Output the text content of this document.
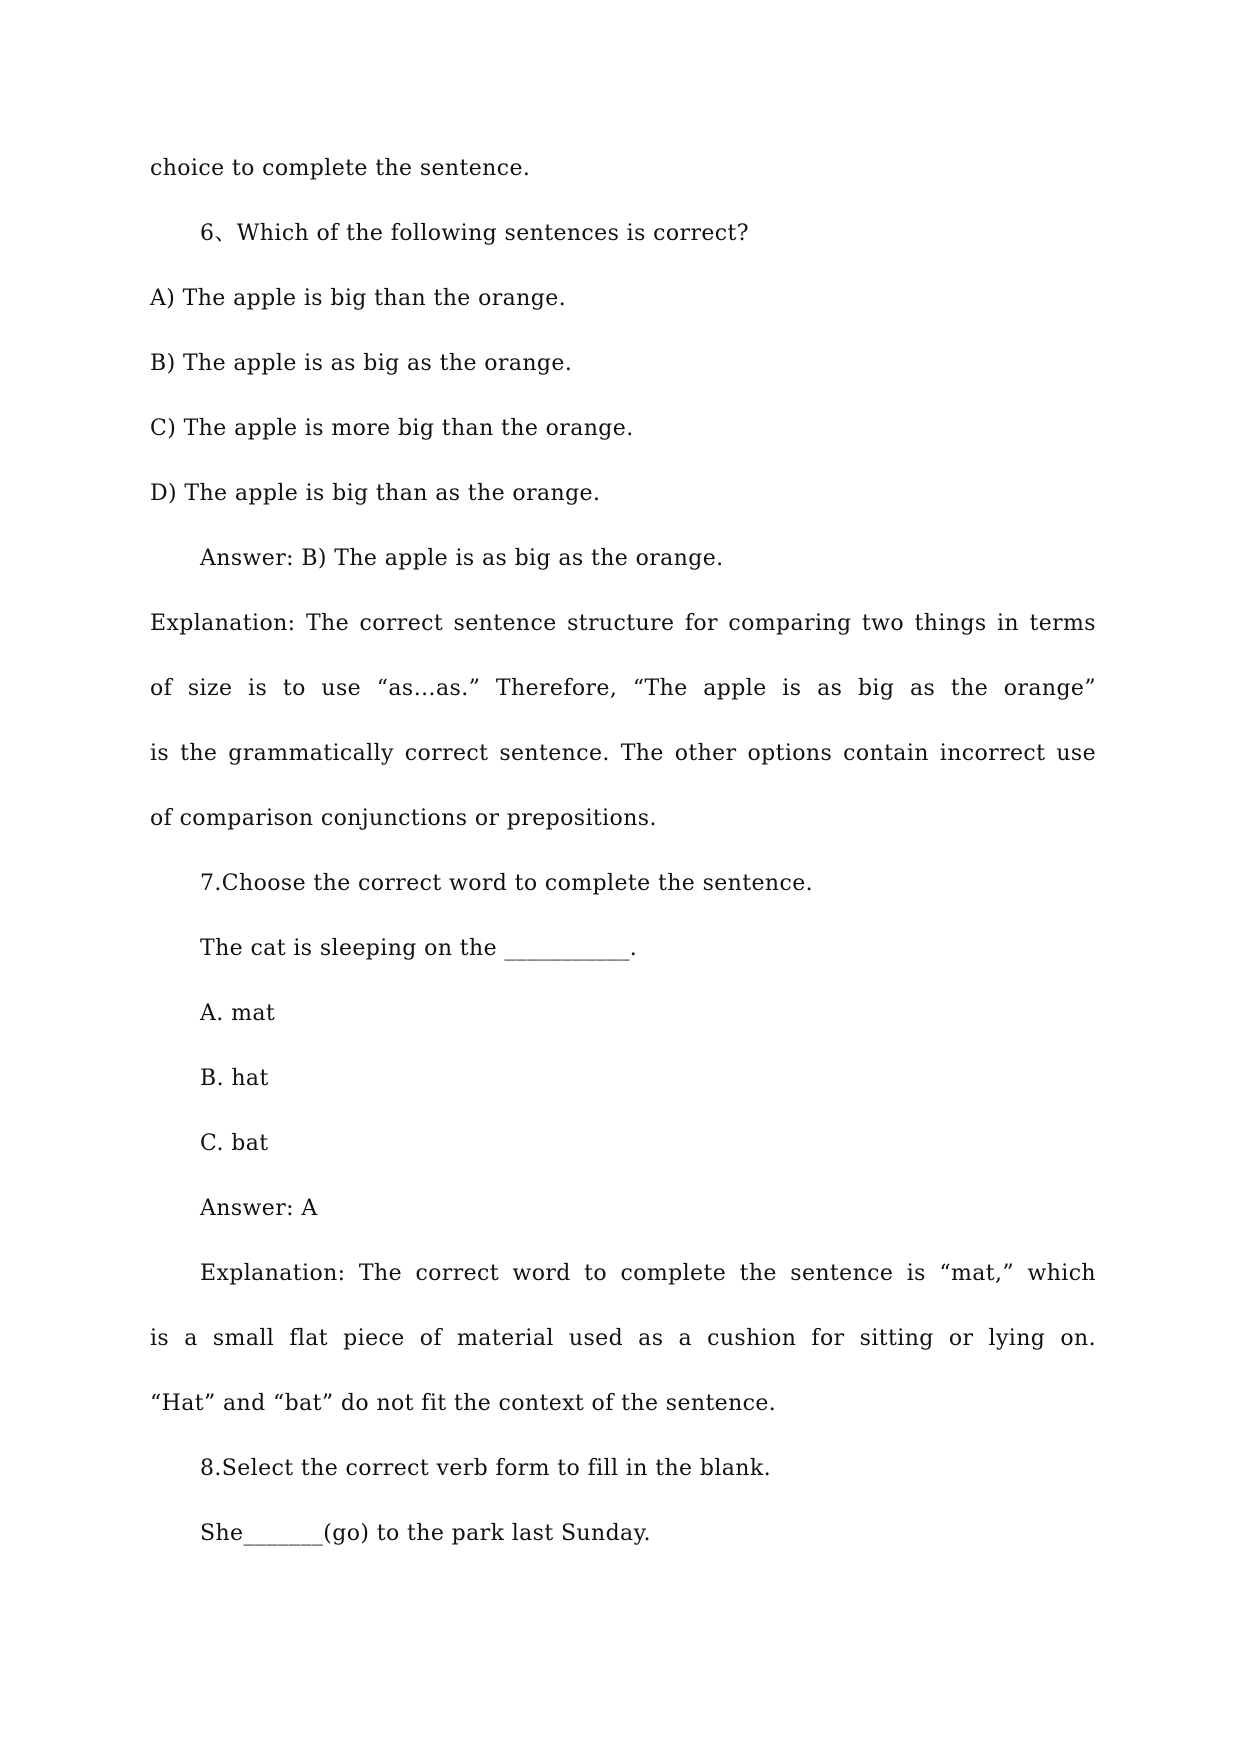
choice to complete the sentence.
6、Which of the following sentences is correct?
A) The apple is big than the orange.
B) The apple is as big as the orange.
C) The apple is more big than the orange.
D) The apple is big than as the orange.
Answer: B) The apple is as big as the orange.
Explanation: The correct sentence structure for comparing two things in terms
of size is to use “as…as.” Therefore, “The apple is as big as the orange”
is the grammatically correct sentence. The other options contain incorrect use
of comparison conjunctions or prepositions.
7.Choose the correct word to complete the sentence.
The cat is sleeping on the ___________.
A. mat
B. hat
C. bat
Answer: A
Explanation: The correct word to complete the sentence is “mat,” which
is a small flat piece of material used as a cushion for sitting or lying on.
“Hat” and “bat” do not fit the context of the sentence.
8.Select the correct verb form to fill in the blank.
She_______(go) to the park last Sunday.
